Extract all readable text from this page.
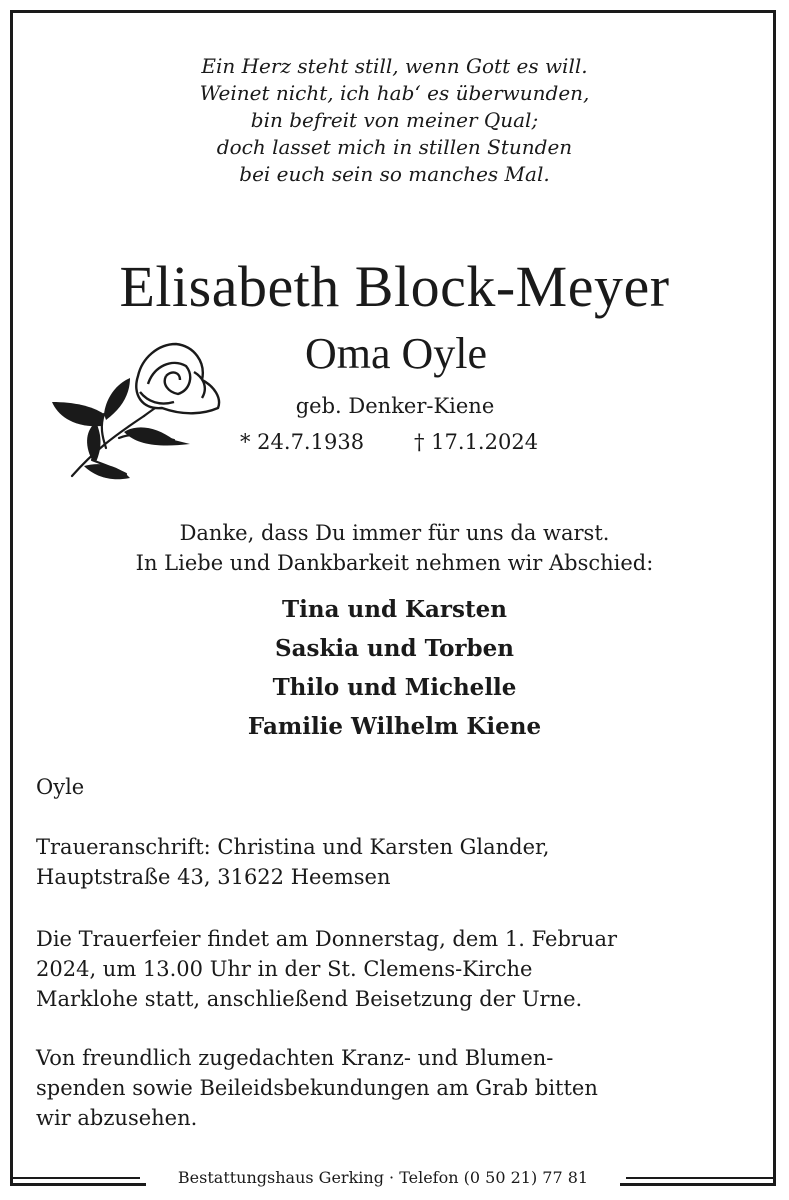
Ein Herz steht still, wenn Gott es will.
Weinet nicht, ich hab‘ es überwunden,
bin befreit von meiner Qual;
doch lasset mich in stillen Stunden
bei euch sein so manches Mal.
Elisabeth Block-Meyer
Oma Oyle
geb. Denker-Kiene
* 24.7.1938 † 17.1.2024
Danke, dass Du immer für uns da warst.
In Liebe und Dankbarkeit nehmen wir Abschied:
Tina und Karsten
Saskia und Torben
Thilo und Michelle
Familie Wilhelm Kiene
Oyle
Traueranschrift: Christina und Karsten Glander,
Hauptstraße 43, 31622 Heemsen
Die Trauerfeier findet am Donnerstag, dem 1. Februar
2024, um 13.00 Uhr in der St. Clemens-Kirche
Marklohe statt, anschließend Beisetzung der Urne.
Von freundlich zugedachten Kranz- und Blumen-
spenden sowie Beileidsbekundungen am Grab bitten
wir abzusehen.
Bestattungshaus Gerking · Telefon (0 50 21) 77 81
